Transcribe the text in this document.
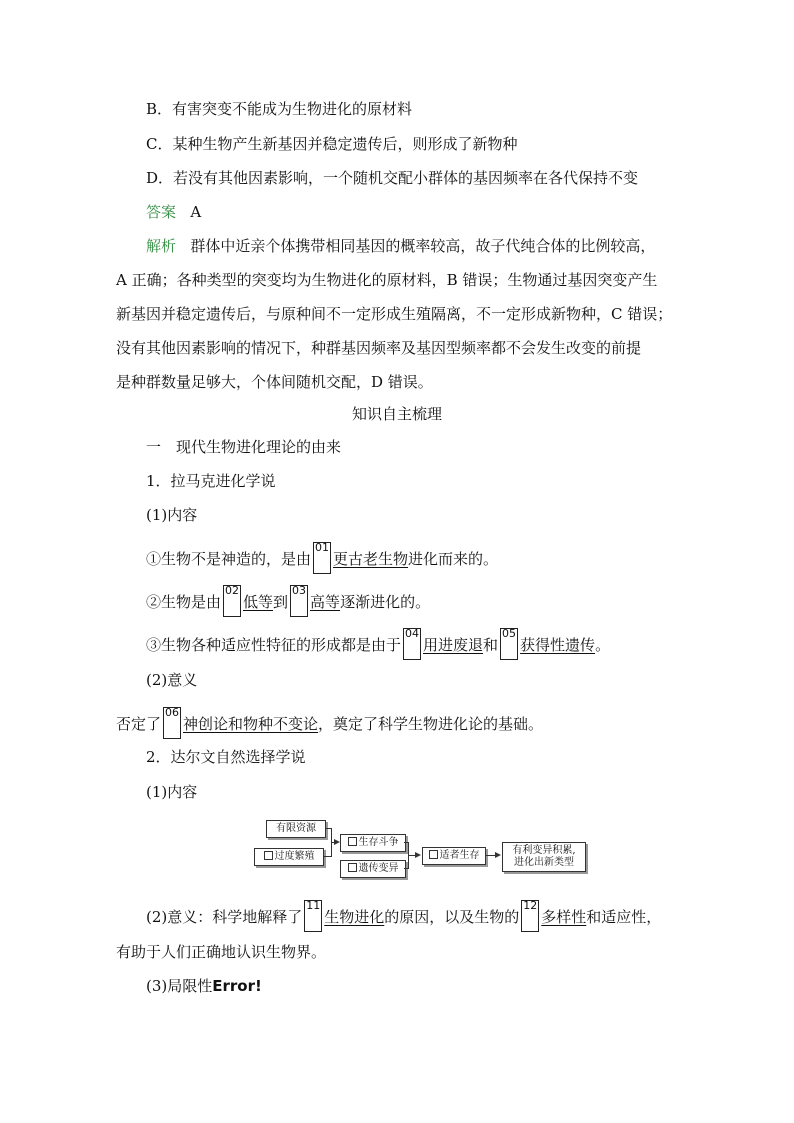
B．有害突变不能成为生物进化的原材料
C．某种生物产生新基因并稳定遗传后，则形成了新物种
D．若没有其他因素影响，一个随机交配小群体的基因频率在各代保持不变
答案 A
解析 群体中近亲个体携带相同基因的概率较高，故子代纯合体的比例较高，
A 正确；各种类型的突变均为生物进化的原材料，B 错误；生物通过基因突变产生
新基因并稳定遗传后，与原种间不一定形成生殖隔离，不一定形成新物种，C 错误；
没有其他因素影响的情况下，种群基因频率及基因型频率都不会发生改变的前提
是种群数量足够大，个体间随机交配，D 错误。
知识自主梳理
一　现代生物进化理论的由来
1．拉马克进化学说
(1)内容
①生物不是神造的，是由
01
更古老生物进化而来的。
②生物是由
02
低等到
03
高等逐渐进化的。
③生物各种适应性特征的形成都是由于
04
用进废退和
05
获得性遗传。
(2)意义
否定了
06
神创论和物种不变论，奠定了科学生物进化论的基础。
2．达尔文自然选择学说
(1)内容
有限资源
过度繁殖
生存斗争
遗传变异
适者生存	有利变异积累,
进化出新类型
(2)意义：科学地解释了
11
生物进化的原因，以及生物的
12
多样性和适应性，
有助于人们正确地认识生物界。
(3)局限性Error!
